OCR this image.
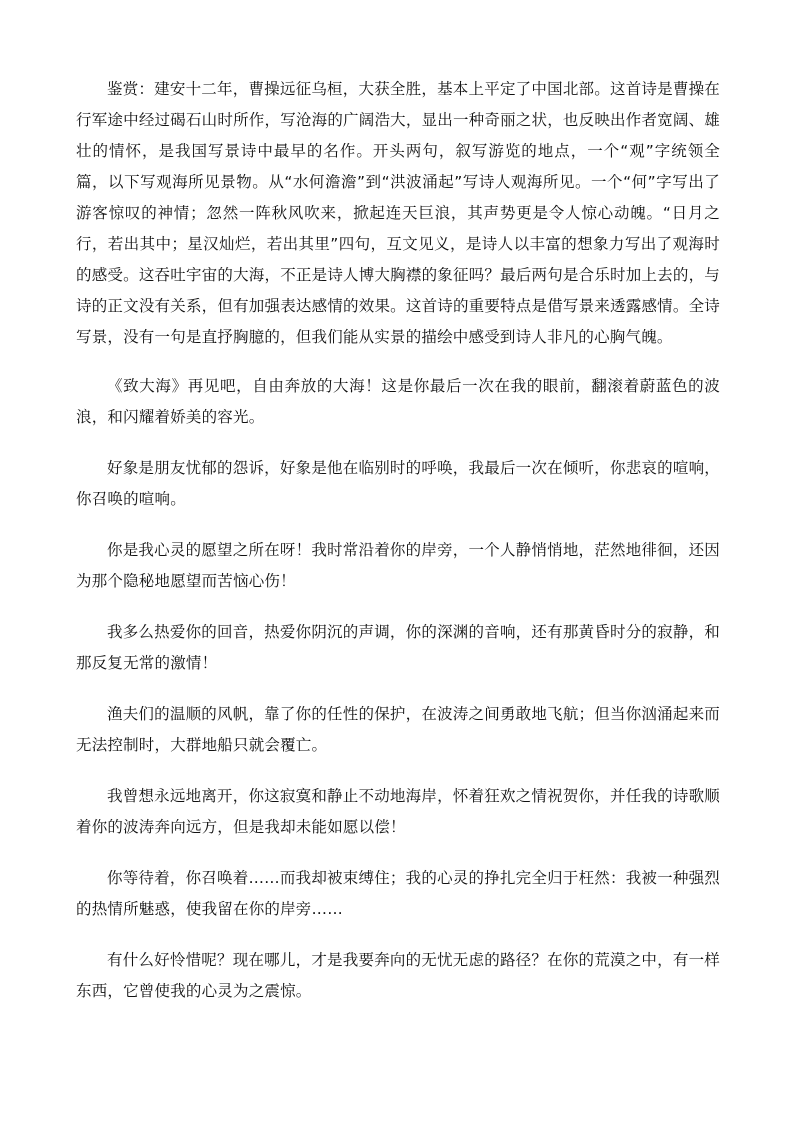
鉴赏：建安十二年，曹操远征乌桓，大获全胜，基本上平定了中国北部。这首诗是曹操在行军途中经过碣石山时所作，写沧海的广阔浩大，显出一种奇丽之状，也反映出作者宽阔、雄壮的情怀，是我国写景诗中最早的名作。开头两句，叙写游览的地点，一个“观”字统领全篇，以下写观海所见景物。从“水何澹澹”到“洪波涌起”写诗人观海所见。一个“何”字写出了游客惊叹的神情；忽然一阵秋风吹来，掀起连天巨浪，其声势更是令人惊心动魄。“日月之行，若出其中；星汉灿烂，若出其里”四句，互文见义，是诗人以丰富的想象力写出了观海时的感受。这吞吐宇宙的大海，不正是诗人博大胸襟的象征吗？最后两句是合乐时加上去的，与诗的正文没有关系，但有加强表达感情的效果。这首诗的重要特点是借写景来透露感情。全诗写景，没有一句是直抒胸臆的，但我们能从实景的描绘中感受到诗人非凡的心胸气魄。

《致大海》再见吧，自由奔放的大海！这是你最后一次在我的眼前，翻滚着蔚蓝色的波浪，和闪耀着娇美的容光。

好象是朋友忧郁的怨诉，好象是他在临别时的呼唤，我最后一次在倾听，你悲哀的喧响，你召唤的喧响。

你是我心灵的愿望之所在呀！我时常沿着你的岸旁，一个人静悄悄地，茫然地徘徊，还因为那个隐秘地愿望而苦恼心伤！

我多么热爱你的回音，热爱你阴沉的声调，你的深渊的音响，还有那黄昏时分的寂静，和那反复无常的激情！

渔夫们的温顺的风帆，靠了你的任性的保护，在波涛之间勇敢地飞航；但当你汹涌起来而无法控制时，大群地船只就会覆亡。

我曾想永远地离开，你这寂寞和静止不动地海岸，怀着狂欢之情祝贺你，并任我的诗歌顺着你的波涛奔向远方，但是我却未能如愿以偿！

你等待着，你召唤着……而我却被束缚住；我的心灵的挣扎完全归于枉然：我被一种强烈的热情所魅惑，使我留在你的岸旁……

有什么好怜惜呢？现在哪儿，才是我要奔向的无忧无虑的路径？在你的荒漠之中，有一样东西，它曾使我的心灵为之震惊。
